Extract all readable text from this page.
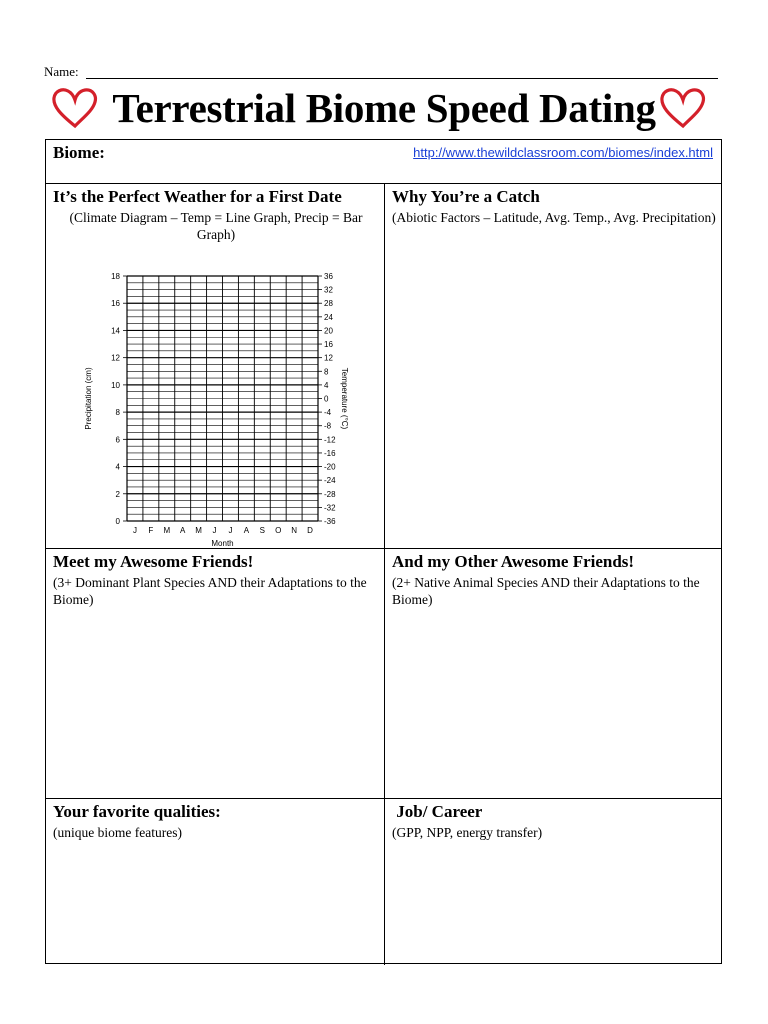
Name:
Terrestrial Biome Speed Dating
Biome:	http://www.thewildclassroom.com/biomes/index.html

It’s the Perfect Weather for a First Date

(Climate Diagram – Temp = Line Graph, Precip = Bar Graph)

0
2
4
6
8
10
12
14
16
18
-36
-32
-28
-24
-20
-16
-12
-8
-4
0
4
8
12
16
20
24
28
32
36
J F M A M J J A S O N D
Month
Precipitation (cm)	Temperature (°C)

Why You’re a Catch

(Abiotic Factors – Latitude, Avg. Temp., Avg. Precipitation)

Meet my Awesome Friends!

(3+ Dominant Plant Species AND their Adaptations to the Biome)

And my Other Awesome Friends!

(2+ Native Animal Species AND their Adaptations to the Biome)

Your favorite qualities:

(unique biome features)

Job/ Career

(GPP, NPP, energy transfer)
